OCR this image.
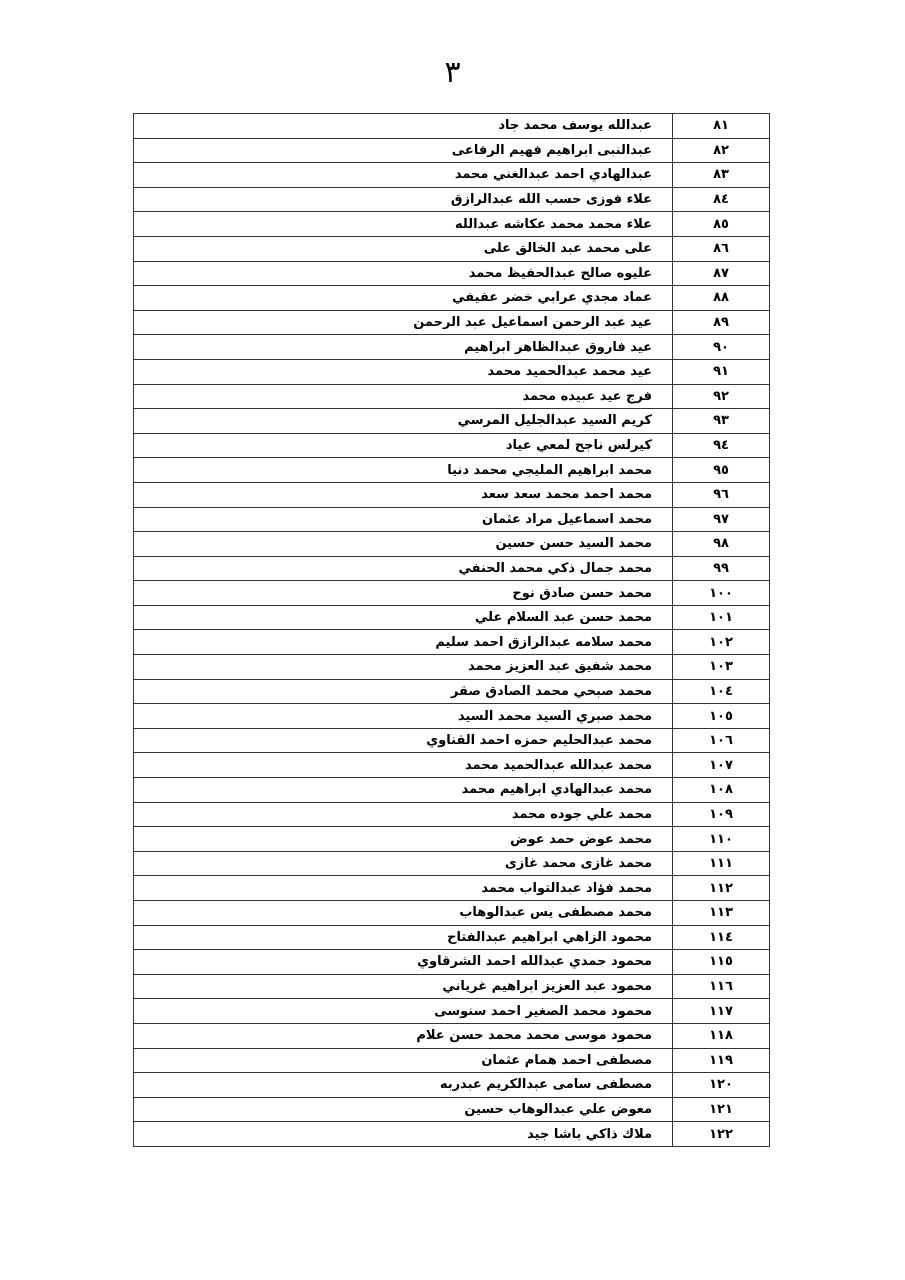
٣
٨١	عبدالله يوسف محمد جاد
٨٢	عبدالنبى ابراهيم فهيم الرفاعى
٨٣	عبدالهادي احمد عبدالغني محمد
٨٤	علاء فوزى حسب الله عبدالرازق
٨٥	علاء محمد محمد عكاشه عبدالله
٨٦	على محمد عبد الخالق على
٨٧	عليوه صالح عبدالحفيظ محمد
٨٨	عماد مجدي عرابي خضر عفيفي
٨٩	عيد عبد الرحمن اسماعيل عبد الرحمن
٩٠	عيد فاروق عبدالظاهر ابراهيم
٩١	عيد محمد عبدالحميد محمد
٩٢	فرج عيد عبيده محمد
٩٣	كريم السيد عبدالجليل المرسي
٩٤	كيرلس ناجح لمعي عياد
٩٥	محمد ابراهيم المليجي محمد دنيا
٩٦	محمد احمد محمد سعد سعد
٩٧	محمد اسماعيل مراد عثمان
٩٨	محمد السيد حسن حسين
٩٩	محمد جمال ذكي محمد الحنفي
١٠٠	محمد حسن صادق نوح
١٠١	محمد حسن عبد السلام علي
١٠٢	محمد سلامه عبدالرازق احمد سليم
١٠٣	محمد شفيق عبد العزيز محمد
١٠٤	محمد صبحي محمد الصادق صقر
١٠٥	محمد صبري السيد محمد السيد
١٠٦	محمد عبدالحليم حمزه احمد القناوي
١٠٧	محمد عبدالله عبدالحميد محمد
١٠٨	محمد عبدالهادي ابراهيم محمد
١٠٩	محمد علي جوده محمد
١١٠	محمد عوض حمد عوض
١١١	محمد غازى محمد غازى
١١٢	محمد فؤاد عبدالتواب محمد
١١٣	محمد مصطفى يس عبدالوهاب
١١٤	محمود الزاهي ابراهيم عبدالفتاح
١١٥	محمود حمدي عبدالله احمد الشرقاوي
١١٦	محمود عبد العزيز ابراهيم غرياني
١١٧	محمود محمد الصغير احمد سنوسى
١١٨	محمود موسى محمد محمد حسن علام
١١٩	مصطفى احمد همام عثمان
١٢٠	مصطفى سامى عبدالكريم عبدربه
١٢١	معوض علي عبدالوهاب حسين
١٢٢	ملاك ذاكي باشا جيد
